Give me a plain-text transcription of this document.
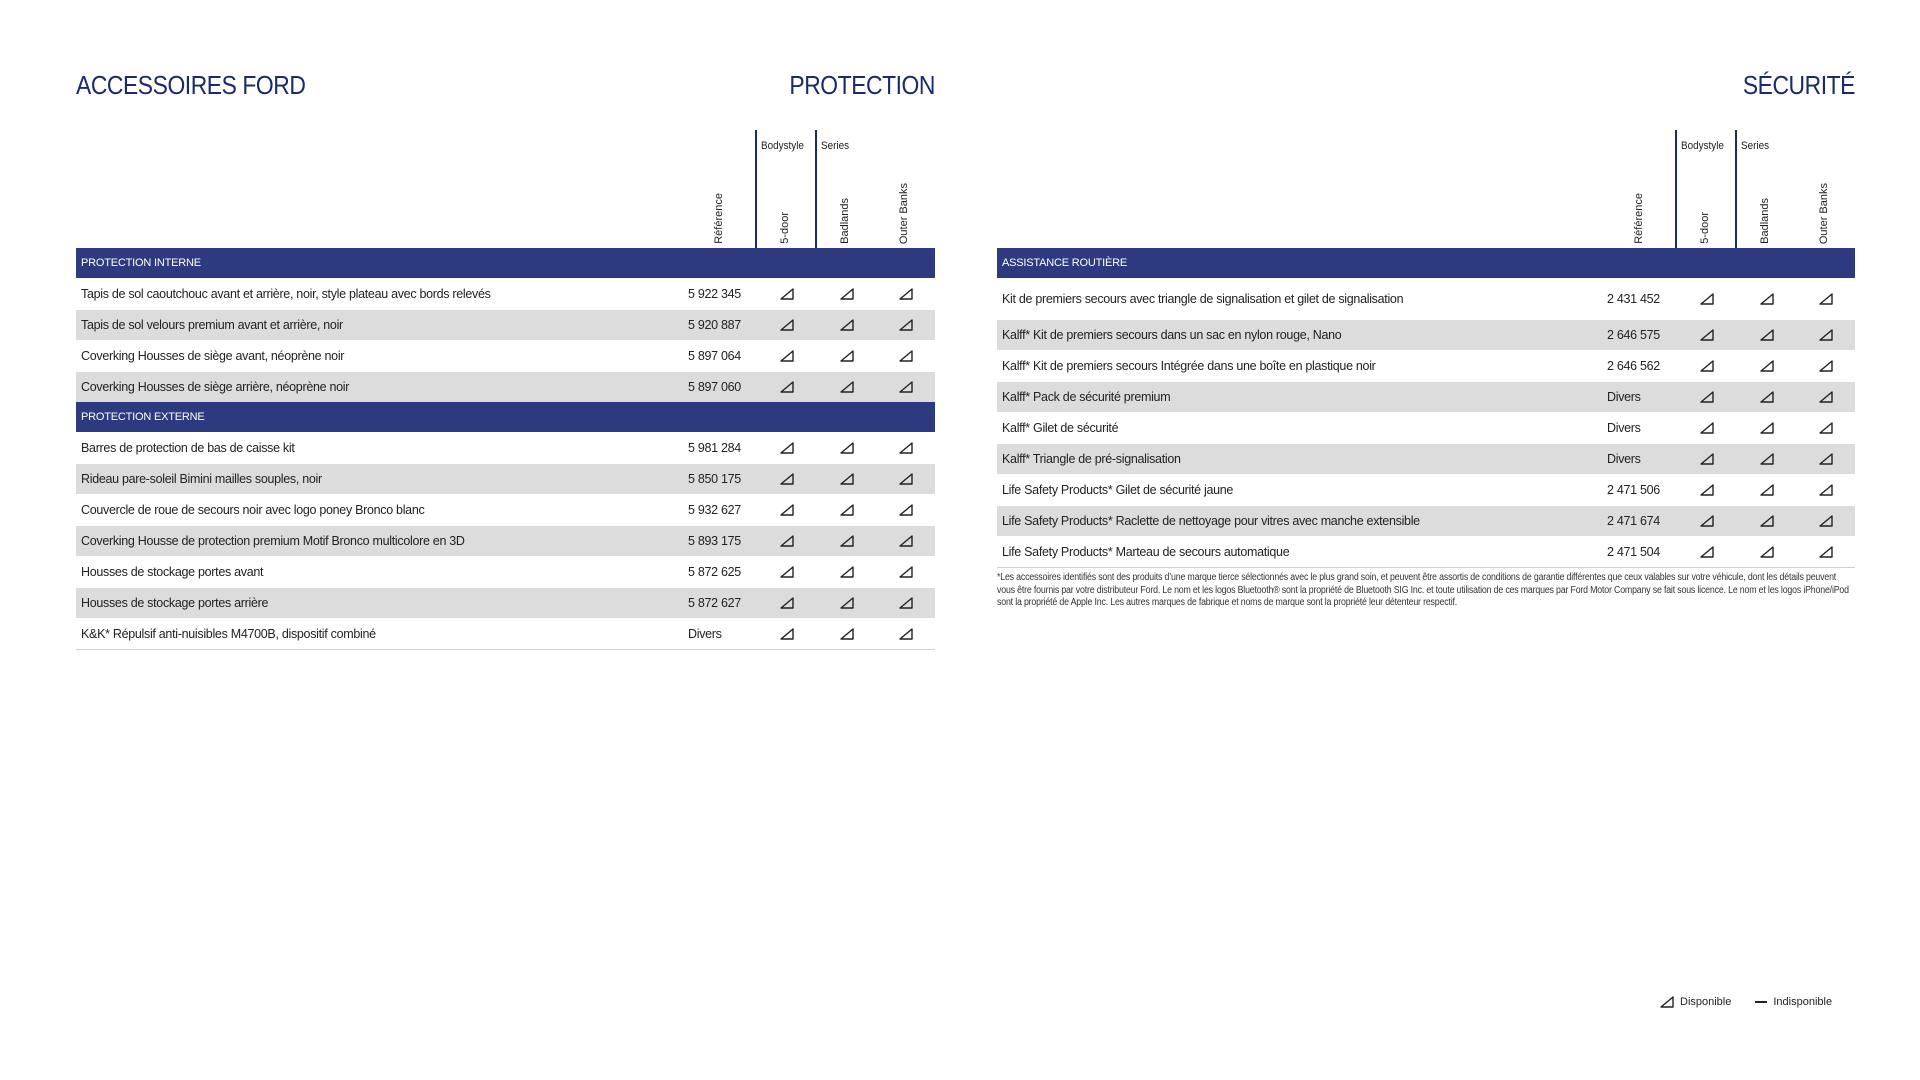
ACCESSOIRES FORD	PROTECTION	SÉCURITÉ
Bodystyle Series
Référence	5-door	Badlands	Outer Banks
PROTECTION INTERNE
Tapis de sol caoutchouc avant et arrière, noir, style plateau avec bords relevés	5 922 345
Tapis de sol velours premium avant et arrière, noir	5 920 887
Coverking Housses de siège avant, néoprène noir	5 897 064
Coverking Housses de siège arrière, néoprène noir	5 897 060
PROTECTION EXTERNE
Barres de protection de bas de caisse kit	5 981 284
Rideau pare-soleil Bimini mailles souples, noir	5 850 175
Couvercle de roue de secours noir avec logo poney Bronco blanc	5 932 627
Coverking Housse de protection premium Motif Bronco multicolore en 3D	5 893 175
Housses de stockage portes avant	5 872 625
Housses de stockage portes arrière	5 872 627
K&K* Répulsif anti-nuisibles M4700B, dispositif combiné	Divers
Bodystyle Series
Référence	5-door	Badlands	Outer Banks
ASSISTANCE ROUTIÈRE
Kit de premiers secours avec triangle de signalisation et gilet de signalisation	2 431 452
Kalff* Kit de premiers secours dans un sac en nylon rouge, Nano	2 646 575
Kalff* Kit de premiers secours Intégrée dans une boîte en plastique noir	2 646 562
Kalff* Pack de sécurité premium	Divers
Kalff* Gilet de sécurité	Divers
Kalff* Triangle de pré-signalisation	Divers
Life Safety Products* Gilet de sécurité jaune	2 471 506
Life Safety Products* Raclette de nettoyage pour vitres avec manche extensible	2 471 674
Life Safety Products* Marteau de secours automatique	2 471 504
*Les accessoires identifiés sont des produits d’une marque tierce sélectionnés avec le plus grand soin, et peuvent être assortis de conditions de garantie différentes que ceux valables sur votre véhicule, dont les détails peuvent vous être fournis par votre distributeur Ford. Le nom et les logos Bluetooth® sont la propriété de Bluetooth SIG Inc. et toute utilisation de ces marques par Ford Motor Company se fait sous licence. Le nom et les logos iPhone/iPod sont la propriété de Apple Inc. Les autres marques de fabrique et noms de marque sont la propriété leur détenteur respectif.
Disponible	Indisponible
